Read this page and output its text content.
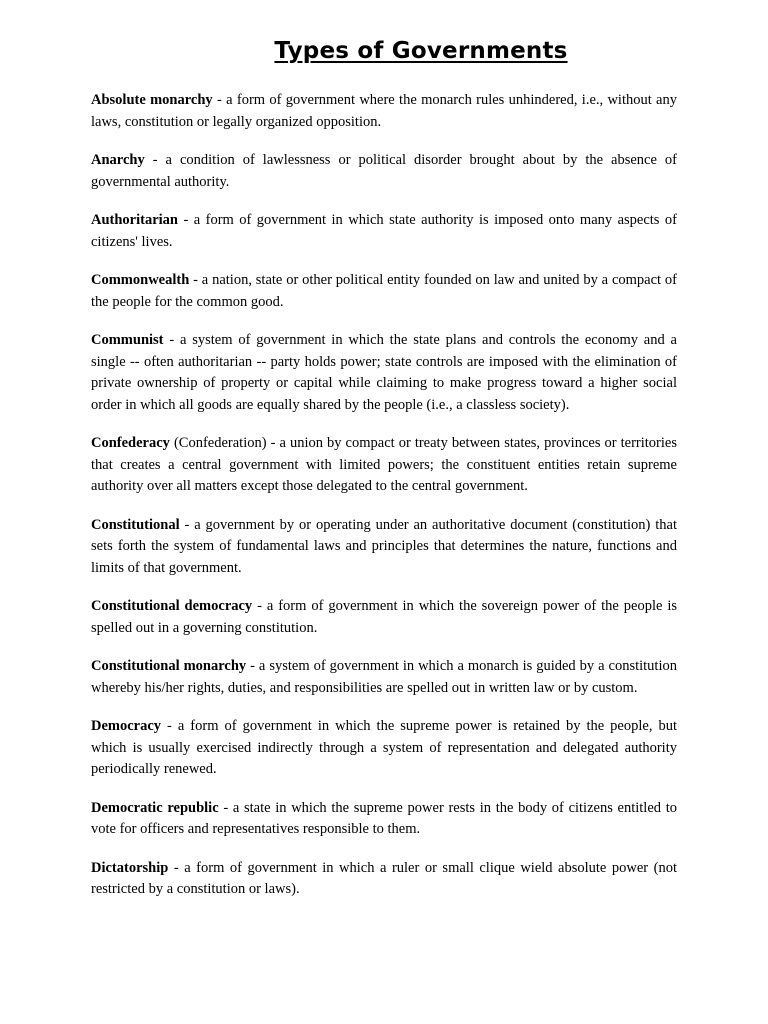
Types of Governments

Absolute monarchy - a form of government where the monarch rules unhindered, i.e., without any laws, constitution or legally organized opposition.

Anarchy - a condition of lawlessness or political disorder brought about by the absence of governmental authority.

Authoritarian - a form of government in which state authority is imposed onto many aspects of citizens' lives.

Commonwealth - a nation, state or other political entity founded on law and united by a compact of the people for the common good.

Communist - a system of government in which the state plans and controls the economy and a single -- often authoritarian -- party holds power; state controls are imposed with the elimination of private ownership of property or capital while claiming to make progress toward a higher social order in which all goods are equally shared by the people (i.e., a classless society).

Confederacy (Confederation) - a union by compact or treaty between states, provinces or territories that creates a central government with limited powers; the constituent entities retain supreme authority over all matters except those delegated to the central government.

Constitutional - a government by or operating under an authoritative document (constitution) that sets forth the system of fundamental laws and principles that determines the nature, functions and limits of that government.

Constitutional democracy - a form of government in which the sovereign power of the people is spelled out in a governing constitution.

Constitutional monarchy - a system of government in which a monarch is guided by a constitution whereby his/her rights, duties, and responsibilities are spelled out in written law or by custom.

Democracy - a form of government in which the supreme power is retained by the people, but which is usually exercised indirectly through a system of representation and delegated authority periodically renewed.

Democratic republic - a state in which the supreme power rests in the body of citizens entitled to vote for officers and representatives responsible to them.

Dictatorship - a form of government in which a ruler or small clique wield absolute power (not restricted by a constitution or laws).
